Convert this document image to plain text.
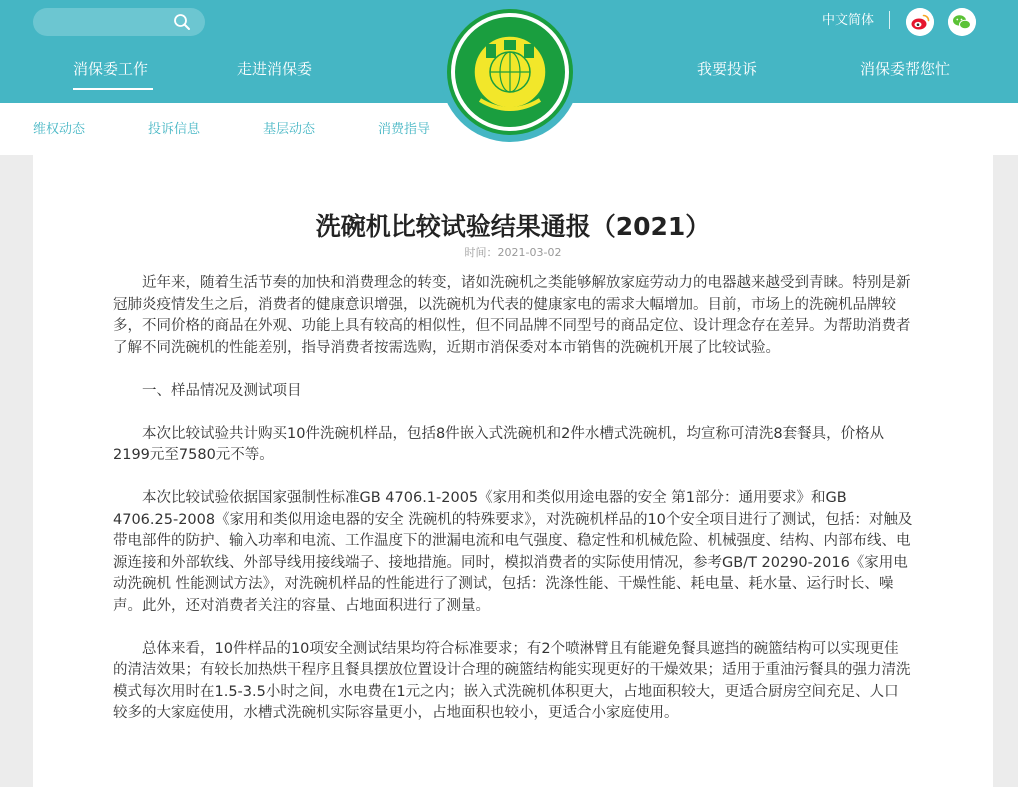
中文简体
消保委工作	走进消保委	我要投诉	消保委帮您忙
维权动态	投诉信息	基层动态	消费指导
洗碗机比较试验结果通报（2021）
时间：2021-03-02

近年来，随着生活节奏的加快和消费理念的转变，诸如洗碗机之类能够解放家庭劳动力的电器越来越受到青睐。特别是新冠肺炎疫情发生之后，消费者的健康意识增强，以洗碗机为代表的健康家电的需求大幅增加。目前，市场上的洗碗机品牌较多，不同价格的商品在外观、功能上具有较高的相似性，但不同品牌不同型号的商品定位、设计理念存在差异。为帮助消费者了解不同洗碗机的性能差别，指导消费者按需选购，近期市消保委对本市销售的洗碗机开展了比较试验。

一、样品情况及测试项目

本次比较试验共计购买10件洗碗机样品，包括8件嵌入式洗碗机和2件水槽式洗碗机，均宣称可清洗8套餐具，价格从2199元至7580元不等。

本次比较试验依据国家强制性标准GB 4706.1-2005《家用和类似用途电器的安全 第1部分：通用要求》和GB 4706.25-2008《家用和类似用途电器的安全 洗碗机的特殊要求》，对洗碗机样品的10个安全项目进行了测试，包括：对触及带电部件的防护、输入功率和电流、工作温度下的泄漏电流和电气强度、稳定性和机械危险、机械强度、结构、内部布线、电源连接和外部软线、外部导线用接线端子、接地措施。同时，模拟消费者的实际使用情况，参考GB/T 20290-2016《家用电动洗碗机 性能测试方法》，对洗碗机样品的性能进行了测试，包括：洗涤性能、干燥性能、耗电量、耗水量、运行时长、噪声。此外，还对消费者关注的容量、占地面积进行了测量。

总体来看，10件样品的10项安全测试结果均符合标准要求；有2个喷淋臂且有能避免餐具遮挡的碗篮结构可以实现更佳的清洁效果；有较长加热烘干程序且餐具摆放位置设计合理的碗篮结构能实现更好的干燥效果；适用于重油污餐具的强力清洗模式每次用时在1.5-3.5小时之间，水电费在1元之内；嵌入式洗碗机体积更大，占地面积较大，更适合厨房空间充足、人口较多的大家庭使用，水槽式洗碗机实际容量更小，占地面积也较小，更适合小家庭使用。
